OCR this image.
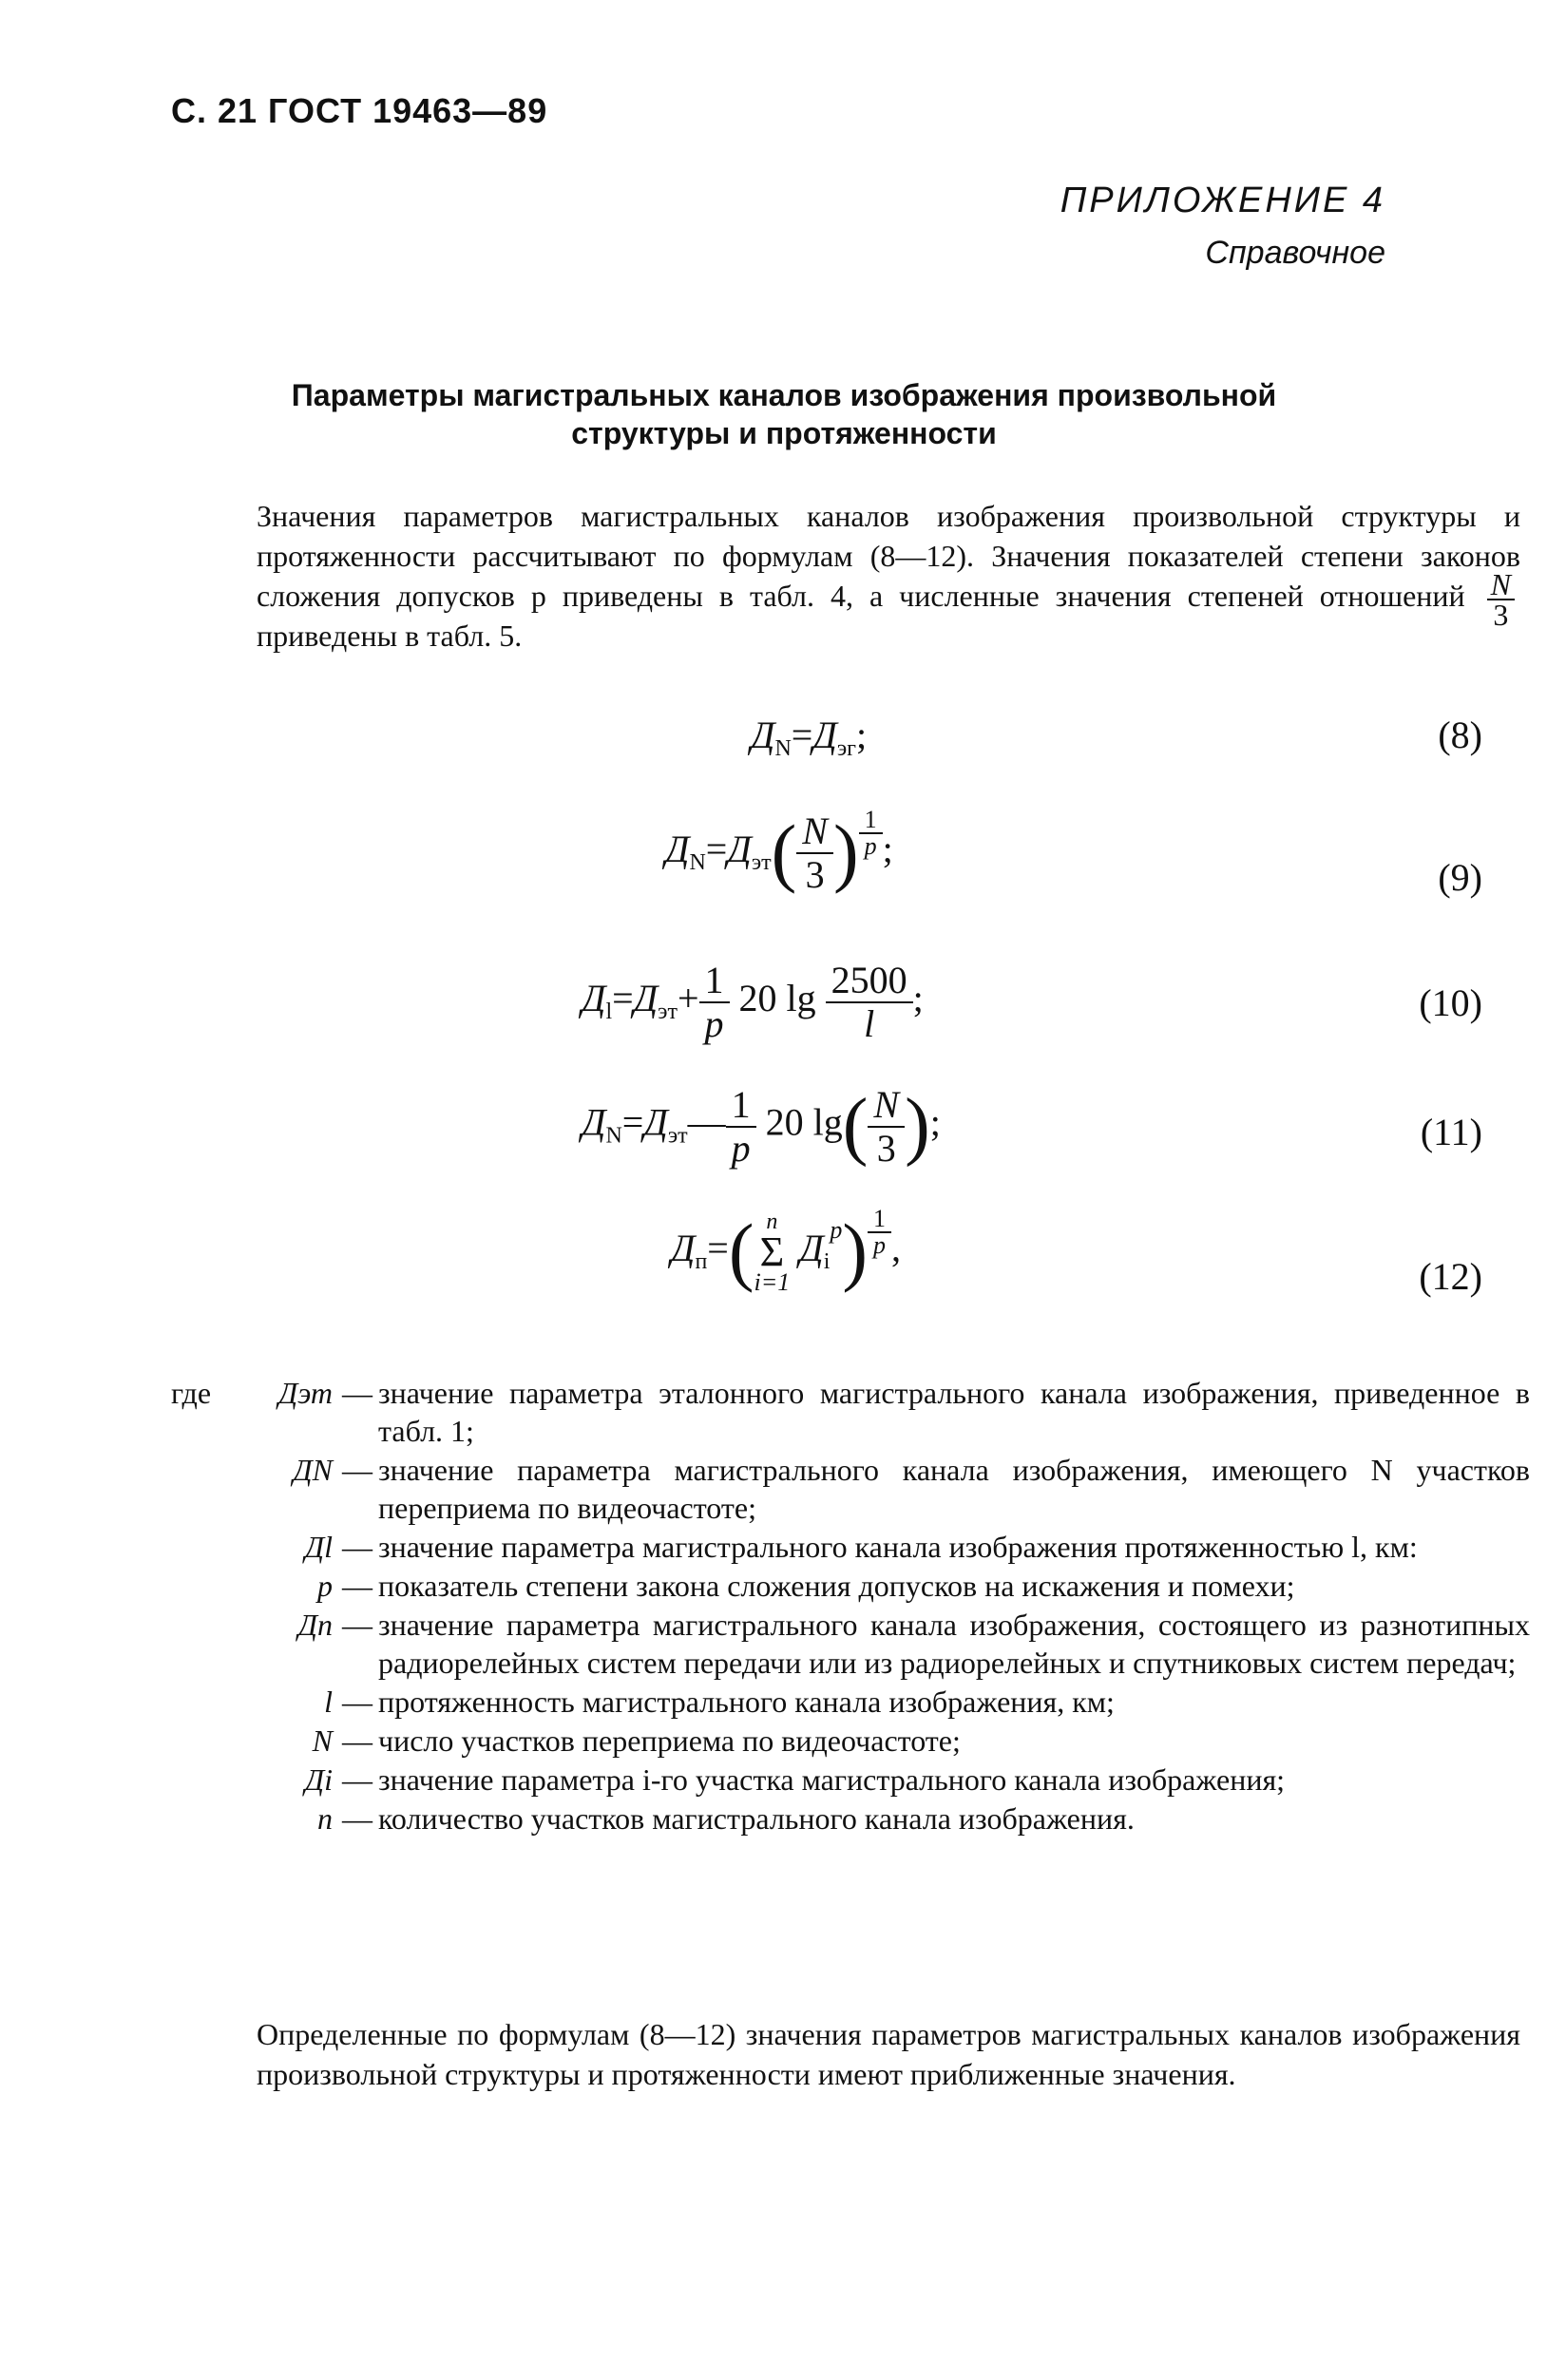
С. 21 ГОСТ 19463—89
ПРИЛОЖЕНИЕ 4
Справочное
Параметры магистральных каналов изображения произвольной
структуры и протяженности
Значения параметров магистральных каналов изображения произвольной структуры и протяженности рассчитывают по формулам (8—12). Значения показателей степени законов сложения допусков p приведены в табл. 4, а численные значения степеней отношений $\frac{N}{3}$
приведены в табл. 5.
$Д_N=Д_{эг}$;	(8)
$Д_N=Д_{эт}( \frac{N}{3}$ ) $^{\frac{1}{p}}$ ;
(9)
$Д_l=Д_{эт}+ \frac{1}{p} 20$ $\lg \frac{2500}{l}$ ;	(10)
$Д_N=Д_{эт}— \frac{1}{p} 20$ $\lg( \frac{N}{3}$ );	(11)
$Д_п=$( n
Σ
i=1
$Д_i^p$) $^{\frac{1}{p}}$ ,
(12)
где	Дэт — значение параметра эталонного магистрального канала изображения, приведенное в табл. 1;
ДN — значение параметра магистрального канала изображения, имеющего N участков переприема по видеочастоте;
Дl — значение параметра магистрального канала изображения протяженностью l, км:
p — показатель степени закона сложения допусков на искажения и помехи;
Дп — значение параметра магистрального канала изображения, состоящего из разнотипных радиорелейных систем передачи или из радиорелейных и спутниковых систем передач;
l — протяженность магистрального канала изображения, км;
N — число участков переприема по видеочастоте;
Дi — значение параметра i-го участка магистрального канала изображения;
n — количество участков магистрального канала изображения.
Определенные по формулам (8—12) значения параметров магистральных каналов изображения произвольной структуры и протяженности имеют приближенные значения.
